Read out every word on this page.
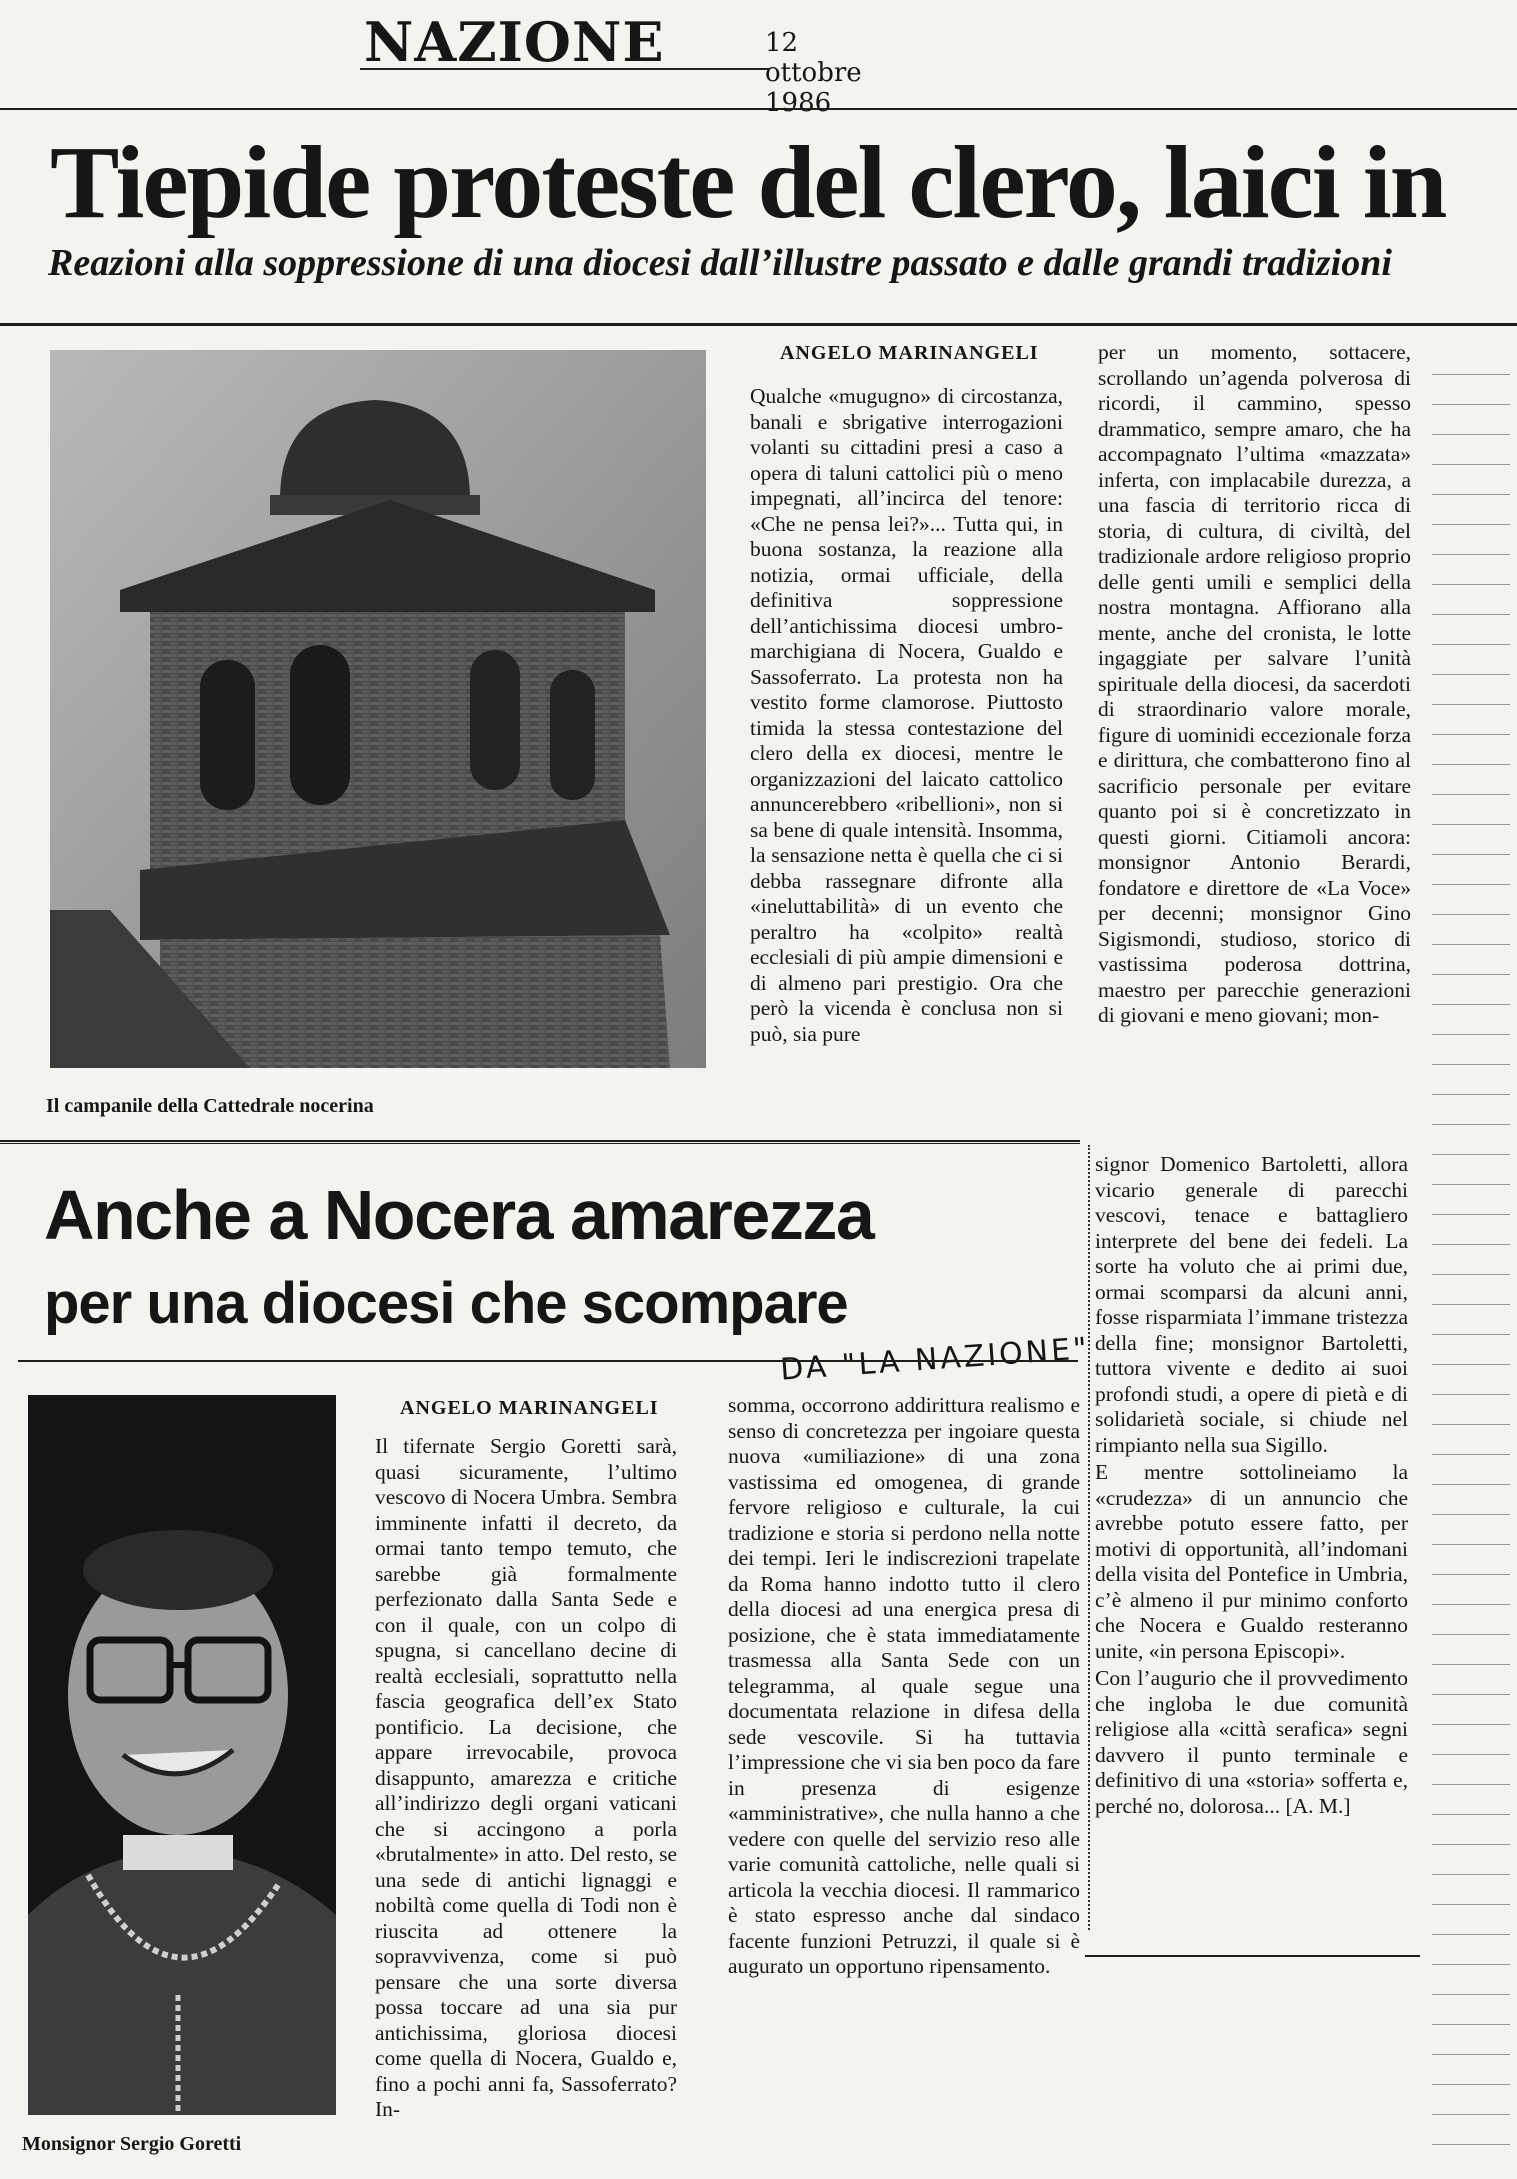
NAZIONE	12 ottobre 1986
Tiepide proteste del clero, laici in
Reazioni alla soppressione di una diocesi dall’illustre passato e dalle grandi tradizioni
Il campanile della Cattedrale nocerina
ANGELO MARINANGELI

Qualche «mugugno» di circostanza, banali e sbrigative interrogazioni volanti su cittadini presi a caso a opera di taluni cattolici più o meno impegnati, all’incirca del tenore: «Che ne pensa lei?»... Tutta qui, in buona sostanza, la reazione alla notizia, ormai ufficiale, della definitiva soppressione dell’antichissima diocesi umbro-marchigiana di Nocera, Gualdo e Sassoferrato. La protesta non ha vestito forme clamorose. Piuttosto timida la stessa contestazione del clero della ex diocesi, mentre le organizzazioni del laicato cattolico annuncerebbero «ribellioni», non si sa bene di quale intensità. Insomma, la sensazione netta è quella che ci si debba rassegnare difronte alla «ineluttabilità» di un evento che peraltro ha «colpito» realtà ecclesiali di più ampie dimensioni e di almeno pari prestigio. Ora che però la vicenda è conclusa non si può, sia pure

per un momento, sottacere, scrollando un’agenda polverosa di ricordi, il cammino, spesso drammatico, sempre amaro, che ha accompagnato l’ultima «mazzata» inferta, con implacabile durezza, a una fascia di territorio ricca di storia, di cultura, di civiltà, del tradizionale ardore religioso proprio delle genti umili e semplici della nostra montagna. Affiorano alla mente, anche del cronista, le lotte ingaggiate per salvare l’unità spirituale della diocesi, da sacerdoti di straordinario valore morale, figure di uominidi eccezionale forza e dirittura, che combatterono fino al sacrificio personale per evitare quanto poi si è concretizzato in questi giorni. Citiamoli ancora: monsignor Antonio Berardi, fondatore e direttore de «La Voce» per decenni; monsignor Gino Sigismondi, studioso, storico di vastissima poderosa dottrina, maestro per parecchie generazioni di giovani e meno giovani; mon-

signor Domenico Bartoletti, allora vicario generale di parecchi vescovi, tenace e battagliero interprete del bene dei fedeli. La sorte ha voluto che ai primi due, ormai scomparsi da alcuni anni, fosse risparmiata l’immane tristezza della fine; monsignor Bartoletti, tuttora vivente e dedito ai suoi profondi studi, a opere di pietà e di solidarietà sociale, si chiude nel rimpianto nella sua Sigillo.

E mentre sottolineiamo la «crudezza» di un annuncio che avrebbe potuto essere fatto, per motivi di opportunità, all’indomani della visita del Pontefice in Umbria, c’è almeno il pur minimo conforto che Nocera e Gualdo resteranno unite, «in persona Episcopi».

Con l’augurio che il provvedimento che ingloba le due comunità religiose alla «città serafica» segni davvero il punto terminale e definitivo di una «storia» sofferta e, perché no, dolorosa... [A. M.]

Anche a Nocera amarezza
per una diocesi che scompare
DA "LA NAZIONE"
Monsignor Sergio Goretti
ANGELO MARINANGELI

Il tifernate Sergio Goretti sarà, quasi sicuramente, l’ultimo vescovo di Nocera Umbra. Sembra imminente infatti il decreto, da ormai tanto tempo temuto, che sarebbe già formalmente perfezionato dalla Santa Sede e con il quale, con un colpo di spugna, si cancellano decine di realtà ecclesiali, soprattutto nella fascia geografica dell’ex Stato pontificio. La decisione, che appare irrevocabile, provoca disappunto, amarezza e critiche all’indirizzo degli organi vaticani che si accingono a porla «brutalmente» in atto. Del resto, se una sede di antichi lignaggi e nobiltà come quella di Todi non è riuscita ad ottenere la sopravvivenza, come si può pensare che una sorte diversa possa toccare ad una sia pur antichissima, gloriosa diocesi come quella di Nocera, Gualdo e, fino a pochi anni fa, Sassoferrato? In-

somma, occorrono addirittura realismo e senso di concretezza per ingoiare questa nuova «umiliazione» di una zona vastissima ed omogenea, di grande fervore religioso e culturale, la cui tradizione e storia si perdono nella notte dei tempi. Ieri le indiscrezioni trapelate da Roma hanno indotto tutto il clero della diocesi ad una energica presa di posizione, che è stata immediatamente trasmessa alla Santa Sede con un telegramma, al quale segue una documentata relazione in difesa della sede vescovile. Si ha tuttavia l’impressione che vi sia ben poco da fare in presenza di esigenze «amministrative», che nulla hanno a che vedere con quelle del servizio reso alle varie comunità cattoliche, nelle quali si articola la vecchia diocesi. Il rammarico è stato espresso anche dal sindaco facente funzioni Petruzzi, il quale si è augurato un opportuno ripensamento.
